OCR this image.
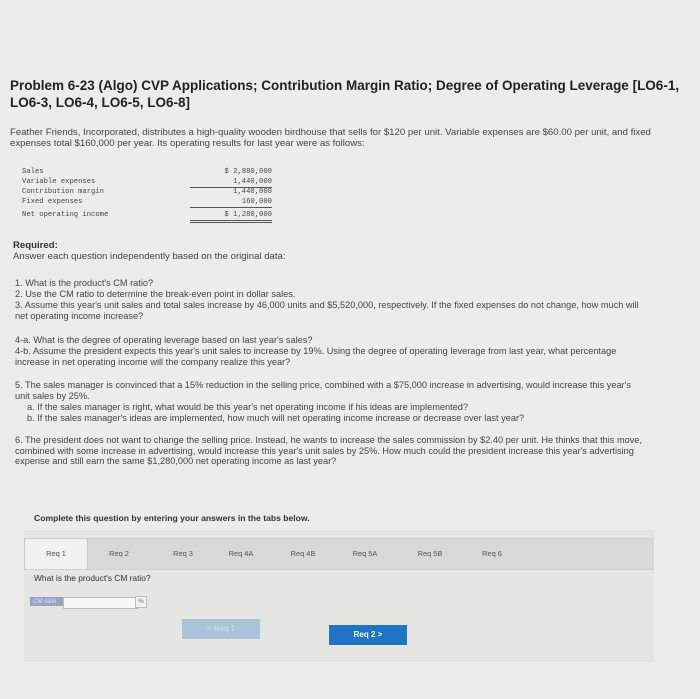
Problem 6-23 (Algo) CVP Applications; Contribution Margin Ratio; Degree of Operating Leverage [LO6-1, LO6-3, LO6-4, LO6-5, LO6-8]
Feather Friends, Incorporated, distributes a high-quality wooden birdhouse that sells for $120 per unit. Variable expenses are $60.00 per unit, and fixed expenses total $160,000 per year. Its operating results for last year were as follows:
Sales	$ 2,880,000
Variable expenses	1,440,000
Contribution margin	1,440,000
Fixed expenses	160,000
Net operating income	$ 1,280,000
Required:
Answer each question independently based on the original data:
1. What is the product's CM ratio?
2. Use the CM ratio to determine the break-even point in dollar sales.
3. Assume this year's unit sales and total sales increase by 46,000 units and $5,520,000, respectively. If the fixed expenses do not change, how much will net operating income increase?
4-a. What is the degree of operating leverage based on last year's sales?
4-b. Assume the president expects this year's unit sales to increase by 19%. Using the degree of operating leverage from last year, what percentage increase in net operating income will the company realize this year?
5. The sales manager is convinced that a 15% reduction in the selling price, combined with a $75,000 increase in advertising, would increase this year's unit sales by 25%.
a. If the sales manager is right, what would be this year's net operating income if his ideas are implemented?
b. If the sales manager's ideas are implemented, how much will net operating income increase or decrease over last year?
6. The president does not want to change the selling price. Instead, he wants to increase the sales commission by $2.40 per unit. He thinks that this move, combined with some increase in advertising, would increase this year's unit sales by 25%. How much could the president increase this year's advertising expense and still earn the same $1,280,000 net operating income as last year?
Complete this question by entering your answers in the tabs below.
Req 1	Req 2	Req 3	Req 4A	Req 4B	Req 5A	Req 5B	Req 6
What is the product's CM ratio?
CM ratio	%
< Req 1
Req 2 >
